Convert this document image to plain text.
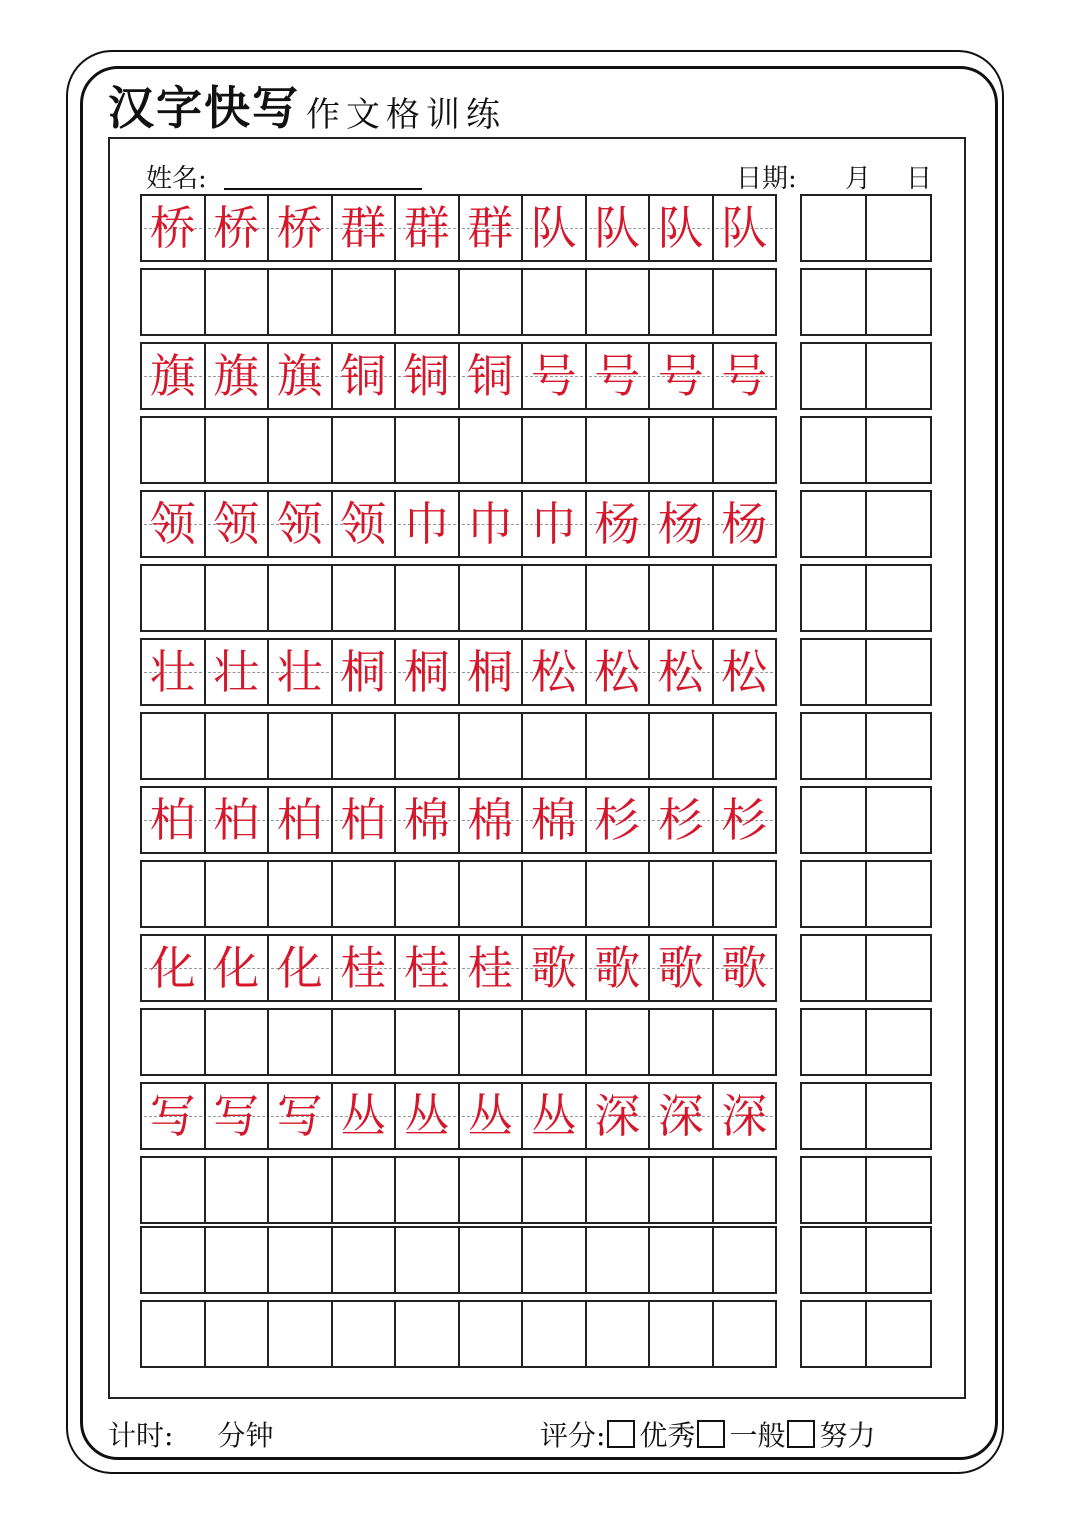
汉字快写 作文格训练
姓名:	日期: 月 日
桥 桥 桥 群 群 群 队 队 队 队
旗 旗 旗 铜 铜 铜 号 号 号 号
领 领 领 领 巾 巾 巾 杨 杨 杨
壮 壮 壮 桐 桐 桐 松 松 松 松
柏 柏 柏 柏 棉 棉 棉 杉 杉 杉
化 化 化 桂 桂 桂 歌 歌 歌 歌
写 写 写 丛 丛 丛 丛 深 深 深
计时: 分钟	评分: 优秀 一般 努力
